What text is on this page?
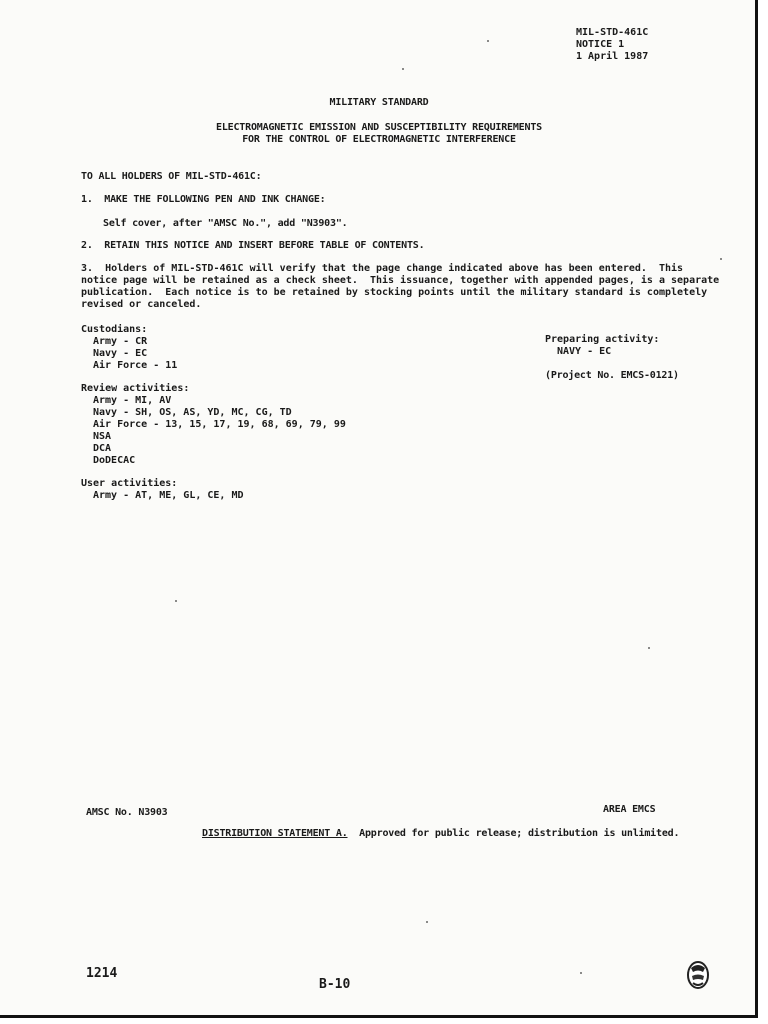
MIL-STD-461C
NOTICE 1
1 April 1987
MILITARY STANDARD
ELECTROMAGNETIC EMISSION AND SUSCEPTIBILITY REQUIREMENTS
FOR THE CONTROL OF ELECTROMAGNETIC INTERFERENCE
TO ALL HOLDERS OF MIL-STD-461C:
1.  MAKE THE FOLLOWING PEN AND INK CHANGE:
Self cover, after "AMSC No.", add "N3903".
2.  RETAIN THIS NOTICE AND INSERT BEFORE TABLE OF CONTENTS.
3.  Holders of MIL-STD-461C will verify that the page change indicated above has been entered.  This
notice page will be retained as a check sheet.  This issuance, together with appended pages, is a separate
publication.  Each notice is to be retained by stocking points until the military standard is completely
revised or canceled.
Custodians:
Army - CR
Navy - EC
Air Force - 11
Preparing activity:
NAVY - EC
(Project No. EMCS-0121)
Review activities:
Army - MI, AV
Navy - SH, OS, AS, YD, MC, CG, TD
Air Force - 13, 15, 17, 19, 68, 69, 79, 99
NSA
DCA
DoDECAC
User activities:
Army - AT, ME, GL, CE, MD
AMSC No. N3903	AREA EMCS
DISTRIBUTION STATEMENT A.  Approved for public release; distribution is unlimited.
1214
B-10
